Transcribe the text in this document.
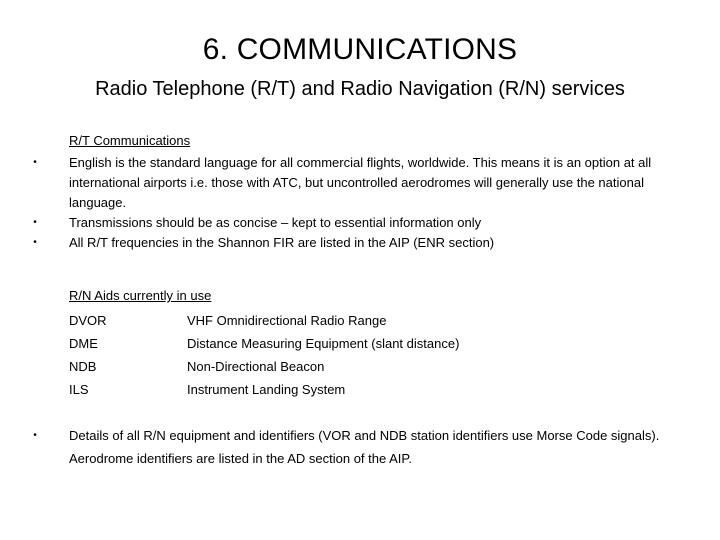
6. COMMUNICATIONS
Radio Telephone (R/T) and Radio Navigation (R/N) services
R/T Communications
• English is the standard language for all commercial flights, worldwide. This means it is an option at all international airports i.e. those with ATC, but uncontrolled aerodromes will generally use the national language.
• Transmissions should be as concise – kept to essential information only
• All R/T frequencies in the Shannon FIR are listed in the AIP (ENR section)
R/N Aids currently in use
DVOR	VHF Omnidirectional Radio Range
DME	Distance Measuring Equipment (slant distance)
NDB	Non-Directional Beacon
ILS	Instrument Landing System
• Details of all R/N equipment and identifiers (VOR and NDB station identifiers use Morse Code signals). Aerodrome identifiers are listed in the AD section of the AIP.
